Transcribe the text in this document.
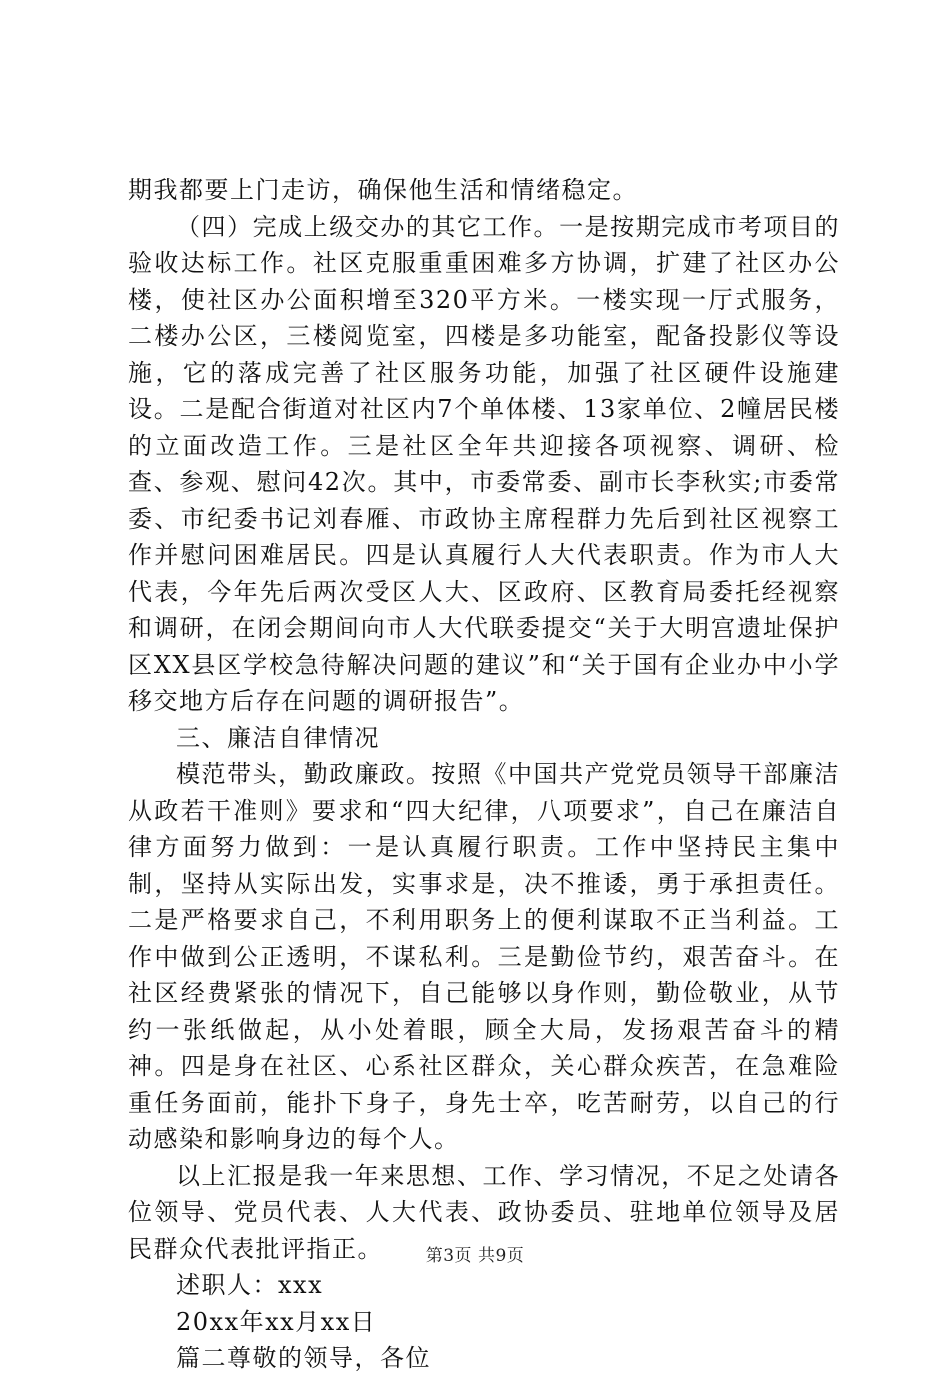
期我都要上门走访，确保他生活和情绪稳定。

（四）完成上级交办的其它工作。一是按期完成市考项目的验收达标工作。社区克服重重困难多方协调，扩建了社区办公楼，使社区办公面积增至320平方米。一楼实现一厅式服务，二楼办公区，三楼阅览室，四楼是多功能室，配备投影仪等设施，它的落成完善了社区服务功能，加强了社区硬件设施建设。二是配合街道对社区内7个单体楼、13家单位、2幢居民楼的立面改造工作。三是社区全年共迎接各项视察、调研、检查、参观、慰问42次。其中，市委常委、副市长李秋实;市委常委、市纪委书记刘春雁、市政协主席程群力先后到社区视察工作并慰问困难居民。四是认真履行人大代表职责。作为市人大代表，今年先后两次受区人大、区政府、区教育局委托经视察和调研，在闭会期间向市人大代联委提交“关于大明宫遗址保护区XX县区学校急待解决问题的建议”和“关于国有企业办中小学移交地方后存在问题的调研报告”。

三、廉洁自律情况

模范带头，勤政廉政。按照《中国共产党党员领导干部廉洁从政若干准则》要求和“四大纪律，八项要求”，自己在廉洁自律方面努力做到：一是认真履行职责。工作中坚持民主集中制，坚持从实际出发，实事求是，决不推诿，勇于承担责任。二是严格要求自己，不利用职务上的便利谋取不正当利益。工作中做到公正透明，不谋私利。三是勤俭节约，艰苦奋斗。在社区经费紧张的情况下，自己能够以身作则，勤俭敬业，从节约一张纸做起，从小处着眼，顾全大局，发扬艰苦奋斗的精神。四是身在社区、心系社区群众，关心群众疾苦，在急难险重任务面前，能扑下身子，身先士卒，吃苦耐劳，以自己的行动感染和影响身边的每个人。

以上汇报是我一年来思想、工作、学习情况，不足之处请各位领导、党员代表、人大代表、政协委员、驻地单位领导及居民群众代表批评指正。

述职人：xxx

20xx年xx月xx日

篇二尊敬的领导，各位

第3页 共9页
